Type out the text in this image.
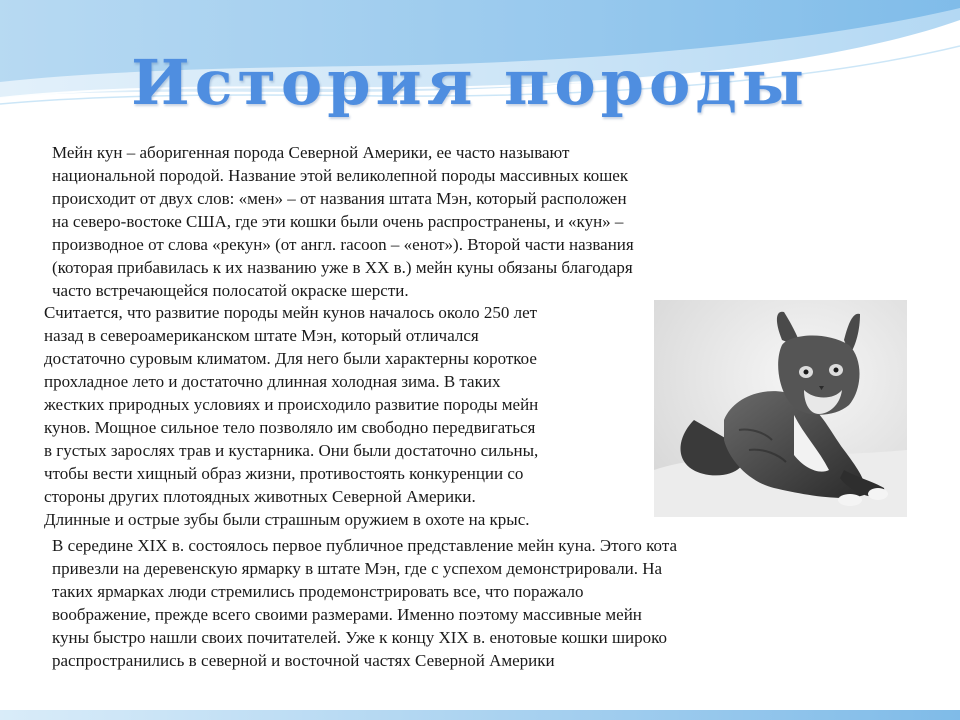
История породы

Мейн кун – аборигенная порода Северной Америки, ее часто называют
национальной породой. Название этой великолепной породы массивных кошек
происходит от двух слов: «мен» – от названия штата Мэн, который расположен
на северо-востоке США, где эти кошки были очень распространены, и «кун» –
производное от слова «рекун» (от англ. racoon – «енот»). Второй части названия
(которая прибавилась к их названию уже в XX в.) мейн куны обязаны благодаря
часто встречающейся полосатой окраске шерсти.

Считается, что развитие породы мейн кунов началось около 250 лет
назад в североамериканском штате Мэн, который отличался
достаточно суровым климатом. Для него были характерны короткое
прохладное лето и достаточно длинная холодная зима. В таких
жестких природных условиях и происходило развитие породы мейн
кунов. Мощное сильное тело позволяло им свободно передвигаться
в густых зарослях трав и кустарника. Они были достаточно сильны,
чтобы вести хищный образ жизни, противостоять конкуренции со
стороны других плотоядных животных Северной Америки.
Длинные и острые зубы были страшным оружием в охоте на крыс.

В середине XIX в. состоялось первое публичное представление мейн куна. Этого кота
привезли на деревенскую ярмарку в штате Мэн, где с успехом демонстрировали. На
таких ярмарках люди стремились продемонстрировать все, что поражало
воображение, прежде всего своими размерами. Именно поэтому массивные мейн
куны быстро нашли своих почитателей. Уже к концу XIX в. енотовые кошки широко
распространились в северной и восточной частях Северной Америки
